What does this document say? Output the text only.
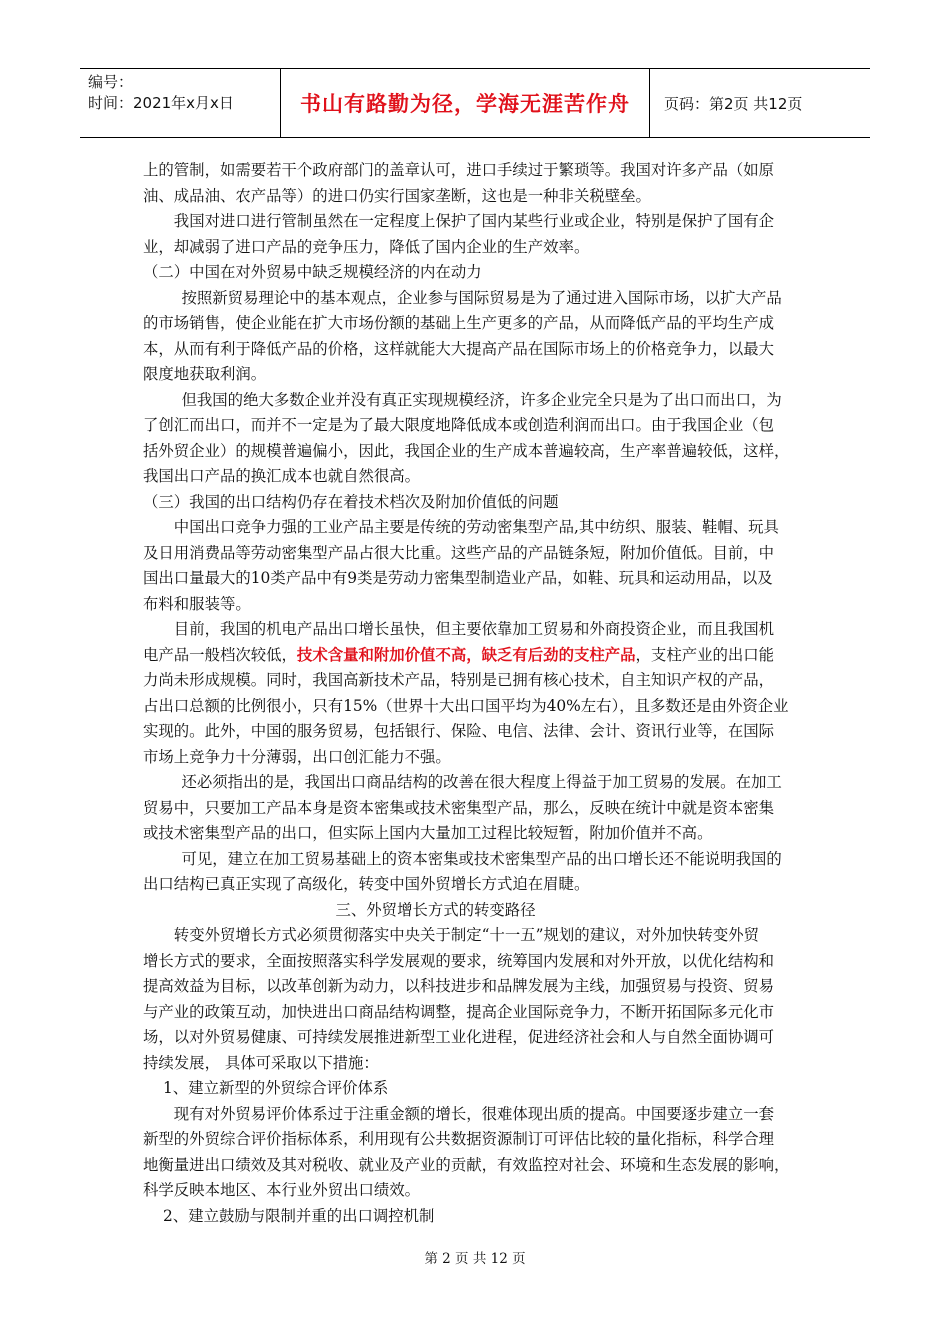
编号：
时间：2021年x月x日	书山有路勤为径，学海无涯苦作舟	页码：第2页 共12页
上的管制，如需要若干个政府部门的盖章认可，进口手续过于繁琐等。我国对许多产品（如原
油、成品油、农产品等）的进口仍实行国家垄断，这也是一种非关税壁垒。
我国对进口进行管制虽然在一定程度上保护了国内某些行业或企业，特别是保护了国有企
业，却减弱了进口产品的竞争压力，降低了国内企业的生产效率。
（二）中国在对外贸易中缺乏规模经济的内在动力
按照新贸易理论中的基本观点，企业参与国际贸易是为了通过进入国际市场，以扩大产品
的市场销售，使企业能在扩大市场份额的基础上生产更多的产品，从而降低产品的平均生产成
本，从而有利于降低产品的价格，这样就能大大提高产品在国际市场上的价格竞争力，以最大
限度地获取利润。
但我国的绝大多数企业并没有真正实现规模经济，许多企业完全只是为了出口而出口，为
了创汇而出口，而并不一定是为了最大限度地降低成本或创造利润而出口。由于我国企业（包
括外贸企业）的规模普遍偏小，因此，我国企业的生产成本普遍较高，生产率普遍较低，这样，
我国出口产品的换汇成本也就自然很高。
（三）我国的出口结构仍存在着技术档次及附加价值低的问题
中国出口竞争力强的工业产品主要是传统的劳动密集型产品,其中纺织、服装、鞋帽、玩具
及日用消费品等劳动密集型产品占很大比重。这些产品的产品链条短，附加价值低。目前，中
国出口量最大的10类产品中有9类是劳动力密集型制造业产品，如鞋、玩具和运动用品，以及
布料和服装等。
目前，我国的机电产品出口增长虽快，但主要依靠加工贸易和外商投资企业，而且我国机
电产品一般档次较低，技术含量和附加价值不高，缺乏有后劲的支柱产品，支柱产业的出口能
力尚未形成规模。同时，我国高新技术产品，特别是已拥有核心技术，自主知识产权的产品，
占出口总额的比例很小，只有15%（世界十大出口国平均为40%左右），且多数还是由外资企业
实现的。此外，中国的服务贸易，包括银行、保险、电信、法律、会计、资讯行业等，在国际
市场上竞争力十分薄弱，出口创汇能力不强。
还必须指出的是，我国出口商品结构的改善在很大程度上得益于加工贸易的发展。在加工
贸易中，只要加工产品本身是资本密集或技术密集型产品，那么，反映在统计中就是资本密集
或技术密集型产品的出口，但实际上国内大量加工过程比较短暂，附加价值并不高。
可见，建立在加工贸易基础上的资本密集或技术密集型产品的出口增长还不能说明我国的
出口结构已真正实现了高级化，转变中国外贸增长方式迫在眉睫。
三、外贸增长方式的转变路径
转变外贸增长方式必须贯彻落实中央关于制定“十一五”规划的建议，对外加快转变外贸
增长方式的要求，全面按照落实科学发展观的要求，统筹国内发展和对外开放，以优化结构和
提高效益为目标，以改革创新为动力，以科技进步和品牌发展为主线，加强贸易与投资、贸易
与产业的政策互动，加快进出口商品结构调整，提高企业国际竞争力，不断开拓国际多元化市
场，以对外贸易健康、可持续发展推进新型工业化进程，促进经济社会和人与自然全面协调可
持续发展， 具体可采取以下措施：
1、建立新型的外贸综合评价体系
现有对外贸易评价体系过于注重金额的增长，很难体现出质的提高。中国要逐步建立一套
新型的外贸综合评价指标体系，利用现有公共数据资源制订可评估比较的量化指标，科学合理
地衡量进出口绩效及其对税收、就业及产业的贡献，有效监控对社会、环境和生态发展的影响，
科学反映本地区、本行业外贸出口绩效。
2、建立鼓励与限制并重的出口调控机制
第 2 页 共 12 页
